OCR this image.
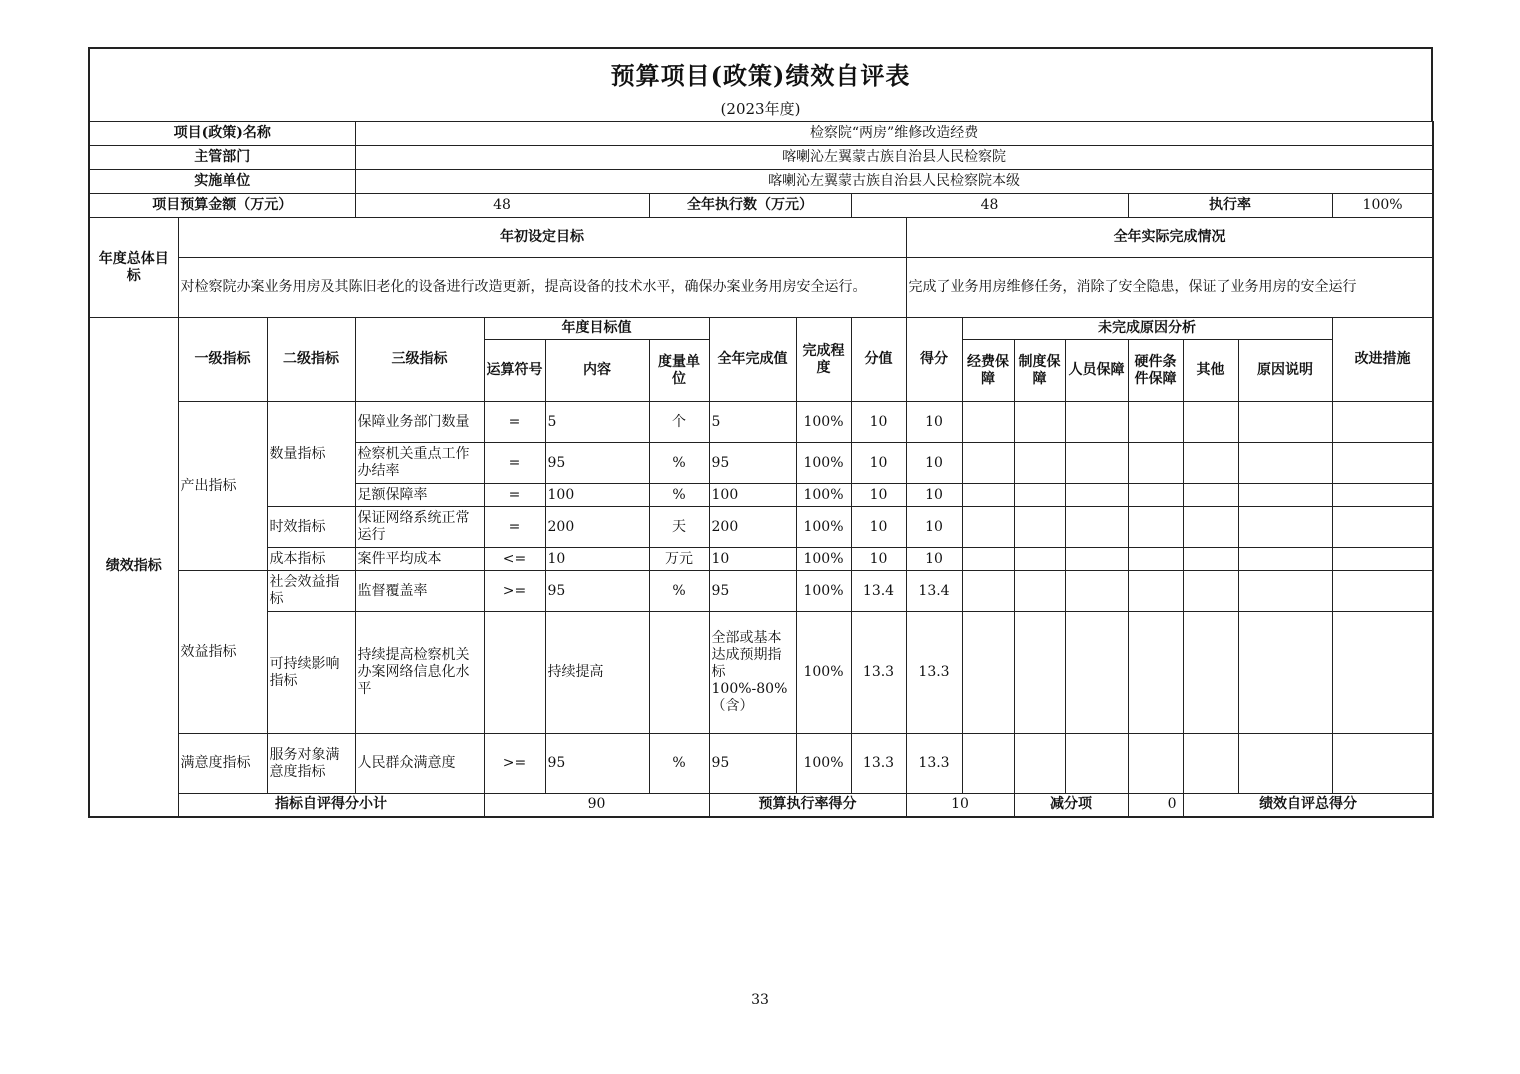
预算项目(政策)绩效自评表
(2023年度)
项目(政策)名称			检察院“两房”维修改造经费															
主管部门			喀喇沁左翼蒙古族自治县人民检察院															
实施单位			喀喇沁左翼蒙古族自治县人民检察院本级															
项目预算金额（万元）			48			全年执行数（万元）			48					执行率			100%	
年度总体目标	年初设定目标									全年实际完成情况								
	对检察院办案业务用房及其陈旧老化的设备进行改造更新，提高设备的技术水平，确保办案业务用房安全运行。									完成了业务用房维修任务，消除了安全隐患，保证了业务用房的安全运行								
绩效指标	一级指标	二级指标	三级指标	年度目标值			全年完成值	完成程度	分值	得分	未完成原因分析						改进措施	
				运算符号	内容	度量单位					经费保障	制度保障	人员保障	硬件条件保障	其他	原因说明		
	产出指标	数量指标	保障业务部门数量	=	5	个	5	100%	10	10								
			检察机关重点工作办结率	=	95	%	95	100%	10	10								
			足额保障率	=	100	%	100	100%	10	10								
		时效指标	保证网络系统正常运行	=	200	天	200	100%	10	10								
		成本指标	案件平均成本	<=	10	万元	10	100%	10	10								
	效益指标	社会效益指标	监督覆盖率	>=	95	%	95	100%	13.4	13.4								
		可持续影响指标	持续提高检察机关办案网络信息化水平		持续提高		全部或基本达成预期指标100%-80%（含）	100%	13.3	13.3								
	满意度指标	服务对象满意度指标	人民群众满意度	>=	95	%	95	100%	13.3	13.3								
	指标自评得分小计			90			预算执行率得分			10		减分项		0	绩效自评总得分	
33
